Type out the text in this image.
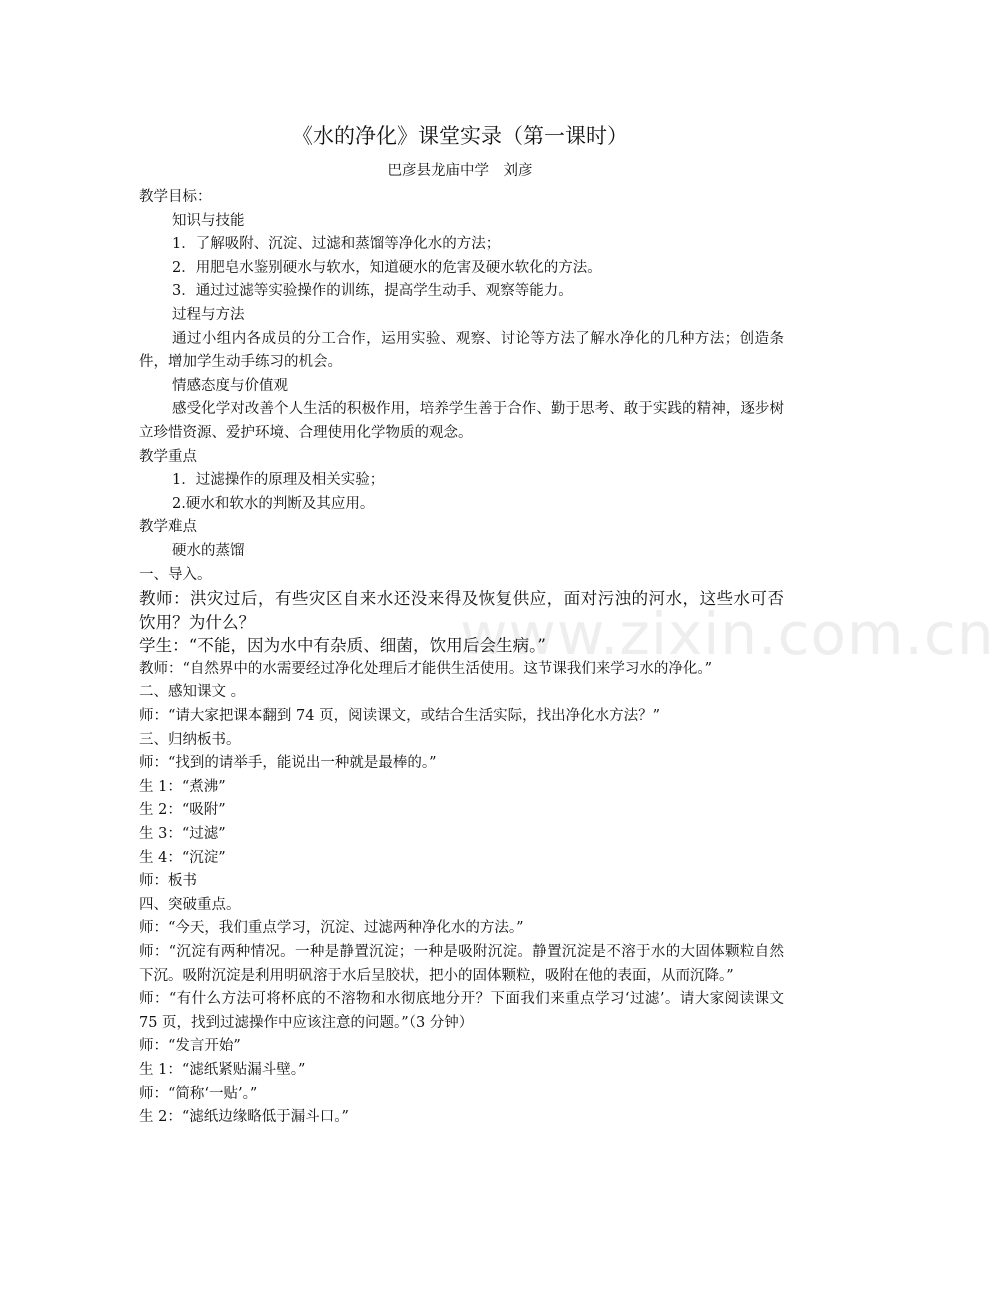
www.zixin.com.cn
《水的净化》课堂实录（第一课时）
巴彦县龙庙中学　刘彦
教学目标：
知识与技能
1．了解吸附、沉淀、过滤和蒸馏等净化水的方法；
2．用肥皂水鉴别硬水与软水，知道硬水的危害及硬水软化的方法。
3．通过过滤等实验操作的训练，提高学生动手、观察等能力。
过程与方法
通过小组内各成员的分工合作，运用实验、观察、讨论等方法了解水净化的几种方法；创造条件，增加学生动手练习的机会。
情感态度与价值观
感受化学对改善个人生活的积极作用，培养学生善于合作、勤于思考、敢于实践的精神，逐步树立珍惜资源、爱护环境、合理使用化学物质的观念。
教学重点
1．过滤操作的原理及相关实验；
2.硬水和软水的判断及其应用。
教学难点
硬水的蒸馏
一、导入。
教师：洪灾过后，有些灾区自来水还没来得及恢复供应，面对污浊的河水，这些水可否饮用？为什么？
学生：“不能，因为水中有杂质、细菌，饮用后会生病。”
教师：“自然界中的水需要经过净化处理后才能供生活使用。这节课我们来学习水的净化。”
二、感知课文 。
师：“请大家把课本翻到 74 页，阅读课文，或结合生活实际，找出净化水方法？”
三、归纳板书。
师：“找到的请举手，能说出一种就是最棒的。”
生 1：“煮沸”
生 2：“吸附”
生 3：“过滤”
生 4：“沉淀”
师：板书
四、突破重点。
师：“今天，我们重点学习，沉淀、过滤两种净化水的方法。”
师：“沉淀有两种情况。一种是静置沉淀；一种是吸附沉淀。静置沉淀是不溶于水的大固体颗粒自然下沉。吸附沉淀是利用明矾溶于水后呈胶状，把小的固体颗粒，吸附在他的表面，从而沉降。”
师：“有什么方法可将杯底的不溶物和水彻底地分开？下面我们来重点学习‘过滤’。请大家阅读课文 75 页，找到过滤操作中应该注意的问题。”（3 分钟）
师：“发言开始”
生 1：“滤纸紧贴漏斗壁。”
师：“简称‘一贴’。”
生 2：“滤纸边缘略低于漏斗口。”
